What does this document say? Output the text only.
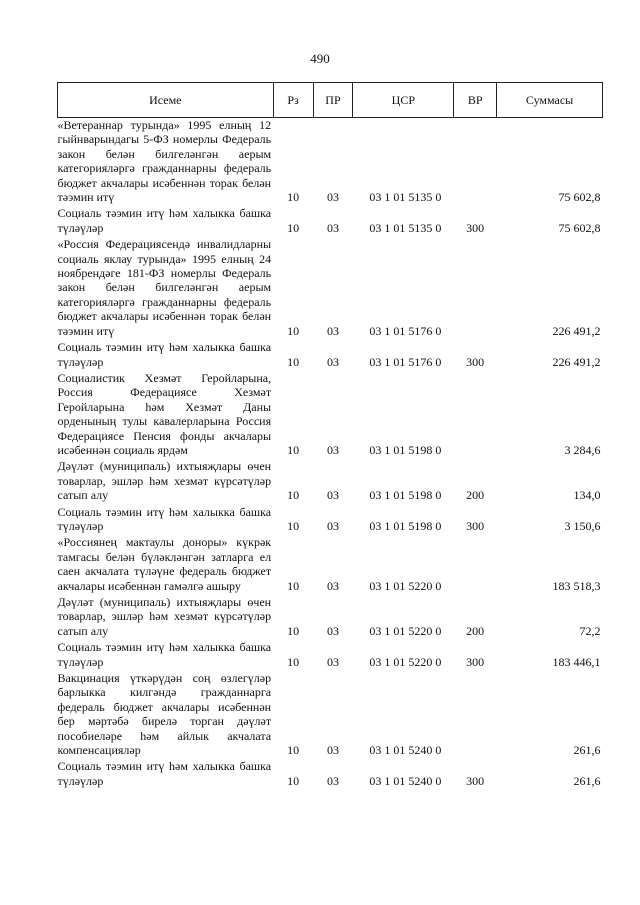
490
Исеме	Рз	ПР	ЦСР	ВР	Суммасы
«Ветераннар турында» 1995 елның 12 гыйнварындагы 5-ФЗ номерлы Федераль закон белән билгеләнгән аерым категорияләргә гражданнарны федераль бюджет акчалары исәбеннән торак белән тәэмин итү	10	03	03 1 01 5135 0		75 602,8
Социаль тәэмин итү һәм халыкка башка түләүләр	10	03	03 1 01 5135 0	300	75 602,8
«Россия Федерациясендә инвалидларны социаль яклау турында» 1995 елның 24 ноябрендәге 181-ФЗ номерлы Федераль закон белән билгеләнгән аерым категорияләргә гражданнарны федераль бюджет акчалары исәбеннән торак белән тәэмин итү	10	03	03 1 01 5176 0		226 491,2
Социаль тәэмин итү һәм халыкка башка түләүләр	10	03	03 1 01 5176 0	300	226 491,2
Социалистик Хезмәт Геройларына, Россия Федерациясе Хезмәт Геройларына һәм Хезмәт Даны орденының тулы кавалерларына Россия Федерациясе Пенсия фонды акчалары исәбеннән социаль ярдәм	10	03	03 1 01 5198 0		3 284,6
Дәүләт (муниципаль) ихтыяҗлары өчен товарлар, эшләр һәм хезмәт күрсәтүләр сатып алу	10	03	03 1 01 5198 0	200	134,0
Социаль тәэмин итү һәм халыкка башка түләүләр	10	03	03 1 01 5198 0	300	3 150,6
«Россиянең мактаулы доноры» күкрәк тамгасы белән бүләкләнгән затларга ел саен акчалата түләүне федераль бюджет акчалары исәбеннән гамәлгә ашыру	10	03	03 1 01 5220 0		183 518,3
Дәүләт (муниципаль) ихтыяҗлары өчен товарлар, эшләр һәм хезмәт күрсәтүләр сатып алу	10	03	03 1 01 5220 0	200	72,2
Социаль тәэмин итү һәм халыкка башка түләүләр	10	03	03 1 01 5220 0	300	183 446,1
Вакцинация үткәрүдән соң өзлегүләр барлыкка килгәндә гражданнарга федераль бюджет акчалары исәбеннән бер мәртәбә бирелә торган дәүләт пособиеләре һәм айлык акчалата компенсацияләр	10	03	03 1 01 5240 0		261,6
Социаль тәэмин итү һәм халыкка башка түләүләр	10	03	03 1 01 5240 0	300	261,6
